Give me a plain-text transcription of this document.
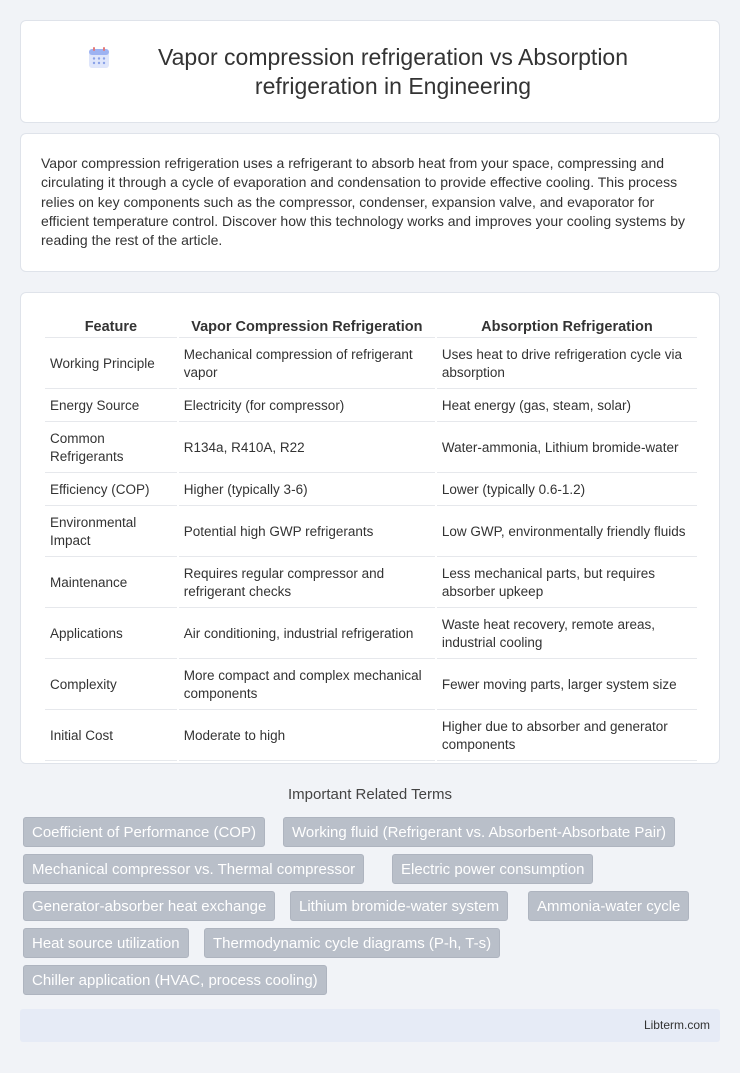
Vapor compression refrigeration vs Absorption refrigeration in Engineering

Vapor compression refrigeration uses a refrigerant to absorb heat from your space, compressing and circulating it through a cycle of evaporation and condensation to provide effective cooling. This process relies on key components such as the compressor, condenser, expansion valve, and evaporator for efficient temperature control. Discover how this technology works and improves your cooling systems by reading the rest of the article.

Feature	Vapor Compression Refrigeration	Absorption Refrigeration
Working Principle	Mechanical compression of refrigerant vapor	Uses heat to drive refrigeration cycle via absorption
Energy Source	Electricity (for compressor)	Heat energy (gas, steam, solar)
Common Refrigerants	R134a, R410A, R22	Water-ammonia, Lithium bromide-water
Efficiency (COP)	Higher (typically 3-6)	Lower (typically 0.6-1.2)
Environmental Impact	Potential high GWP refrigerants	Low GWP, environmentally friendly fluids
Maintenance	Requires regular compressor and refrigerant checks	Less mechanical parts, but requires absorber upkeep
Applications	Air conditioning, industrial refrigeration	Waste heat recovery, remote areas, industrial cooling
Complexity	More compact and complex mechanical components	Fewer moving parts, larger system size
Initial Cost	Moderate to high	Higher due to absorber and generator components
Important Related Terms
Coefficient of Performance (COP)	Working fluid (Refrigerant vs. Absorbent-Absorbate Pair)
Mechanical compressor vs. Thermal compressor	Electric power consumption
Generator-absorber heat exchange	Lithium bromide-water system	Ammonia-water cycle
Heat source utilization	Thermodynamic cycle diagrams (P-h, T-s)
Chiller application (HVAC, process cooling)
Libterm.com
